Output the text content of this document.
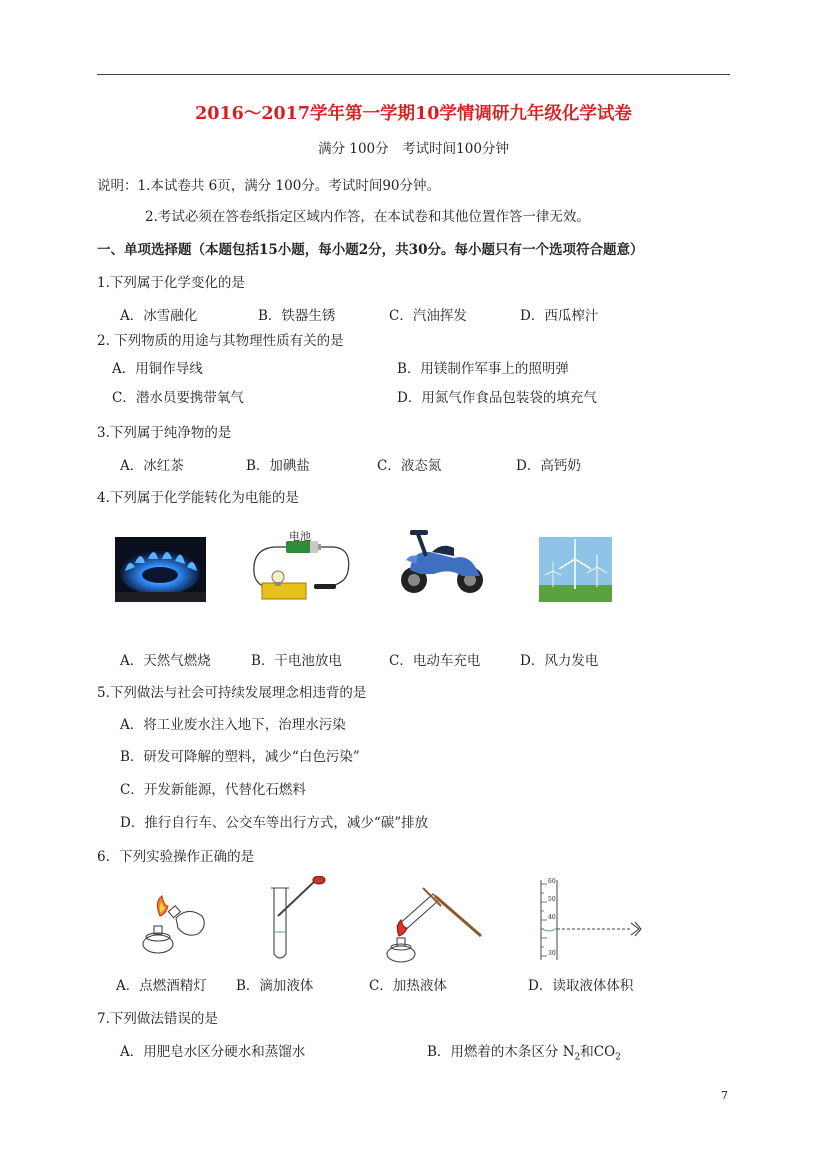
2016～2017学年第一学期10学情调研九年级化学试卷
满分 100分　考试时间100分钟
说明：1.本试卷共 6页，满分 100分。考试时间90分钟。
2.考试必须在答卷纸指定区域内作答，在本试卷和其他位置作答一律无效。
一、单项选择题（本题包括15小题，每小题2分，共30分。每小题只有一个选项符合题意）
1.下列属于化学变化的是
A．冰雪融化	B．铁器生锈	C．汽油挥发	D．西瓜榨汁
2. 下列物质的用途与其物理性质有关的是
A．用铜作导线	B．用镁制作军事上的照明弹
C．潜水员要携带氧气	D．用氮气作食品包装袋的填充气
3.下列属于纯净物的是
A．冰红茶	B．加碘盐	C．液态氮	D．高钙奶
4.下列属于化学能转化为电能的是
电池
A．天然气燃烧	B．干电池放电	C．电动车充电	D．风力发电
5.下列做法与社会可持续发展理念相违背的是
A．将工业废水注入地下，治理水污染
B．研发可降解的塑料，减少“白色污染”
C．开发新能源，代替化石燃料
D．推行自行车、公交车等出行方式，减少“碳”排放
6．下列实验操作正确的是
60
50
40
30
A．点燃酒精灯 B．滴加液体	C．加热液体	D．读取液体体积
7.下列做法错误的是
A．用肥皂水区分硬水和蒸馏水	B．用燃着的木条区分 $N_2$和$CO_2$
7
